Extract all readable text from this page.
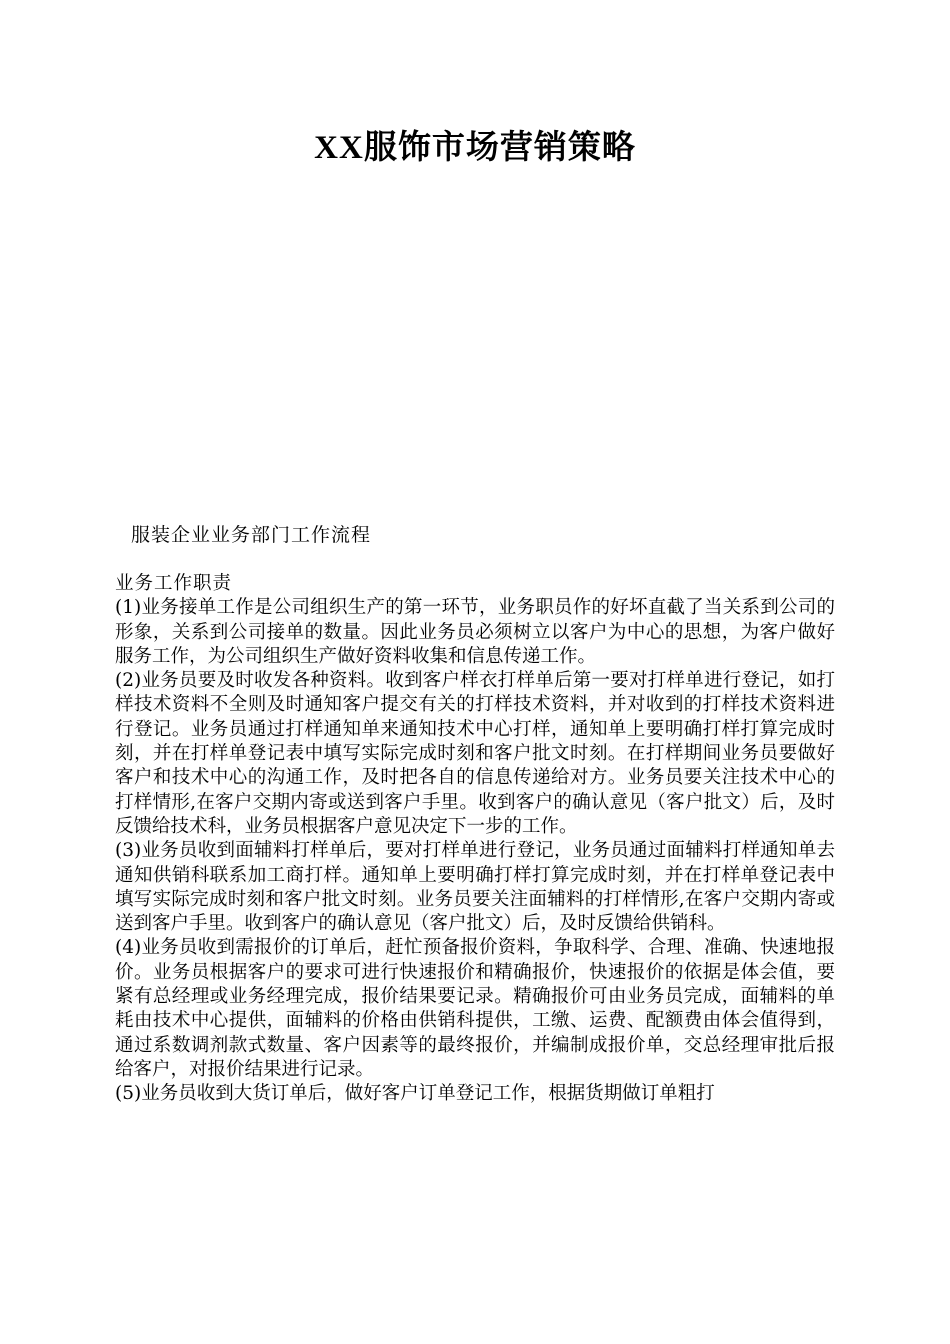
XX服饰市场营销策略
服装企业业务部门工作流程

业务工作职责

(1)业务接单工作是公司组织生产的第一环节，业务职员作的好坏直截了当关系到公司的形象，关系到公司接单的数量。因此业务员必须树立以客户为中心的思想，为客户做好服务工作，为公司组织生产做好资料收集和信息传递工作。

(2)业务员要及时收发各种资料。收到客户样衣打样单后第一要对打样单进行登记，如打样技术资料不全则及时通知客户提交有关的打样技术资料，并对收到的打样技术资料进行登记。业务员通过打样通知单来通知技术中心打样，通知单上要明确打样打算完成时刻，并在打样单登记表中填写实际完成时刻和客户批文时刻。在打样期间业务员要做好客户和技术中心的沟通工作，及时把各自的信息传递给对方。业务员要关注技术中心的打样情形,在客户交期内寄或送到客户手里。收到客户的确认意见（客户批文）后，及时反馈给技术科，业务员根据客户意见决定下一步的工作。

(3)业务员收到面辅料打样单后，要对打样单进行登记，业务员通过面辅料打样通知单去通知供销科联系加工商打样。通知单上要明确打样打算完成时刻，并在打样单登记表中填写实际完成时刻和客户批文时刻。业务员要关注面辅料的打样情形,在客户交期内寄或送到客户手里。收到客户的确认意见（客户批文）后，及时反馈给供销科。

(4)业务员收到需报价的订单后，赶忙预备报价资料，争取科学、合理、准确、快速地报价。业务员根据客户的要求可进行快速报价和精确报价，快速报价的依据是体会值，要紧有总经理或业务经理完成，报价结果要记录。精确报价可由业务员完成，面辅料的单耗由技术中心提供，面辅料的价格由供销科提供，工缴、运费、配额费由体会值得到，通过系数调剂款式数量、客户因素等的最终报价，并编制成报价单，交总经理审批后报给客户，对报价结果进行记录。

(5)业务员收到大货订单后，做好客户订单登记工作，根据货期做订单粗打
